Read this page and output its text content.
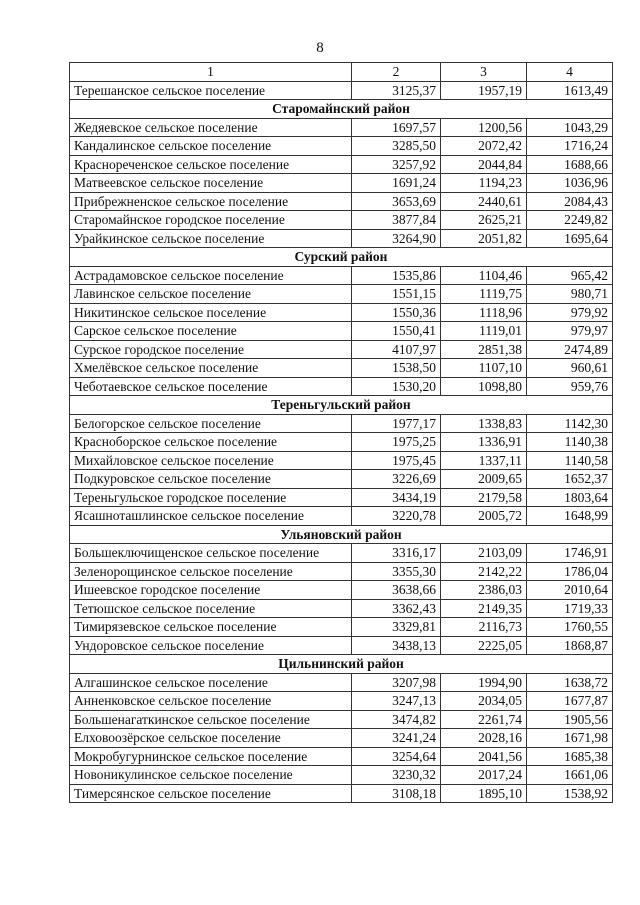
8
1	2	3	4
Терешанское сельское поселение	3125,37	1957,19	1613,49
Старомайнский район			
Жедяевское сельское поселение	1697,57	1200,56	1043,29
Кандалинское сельское поселение	3285,50	2072,42	1716,24
Краснореченское сельское поселение	3257,92	2044,84	1688,66
Матвеевское сельское поселение	1691,24	1194,23	1036,96
Прибрежненское сельское поселение	3653,69	2440,61	2084,43
Старомайнское городское поселение	3877,84	2625,21	2249,82
Урайкинское сельское поселение	3264,90	2051,82	1695,64
Сурский район			
Астрадамовское сельское поселение	1535,86	1104,46	965,42
Лавинское сельское поселение	1551,15	1119,75	980,71
Никитинское сельское поселение	1550,36	1118,96	979,92
Сарское сельское поселение	1550,41	1119,01	979,97
Сурское городское поселение	4107,97	2851,38	2474,89
Хмелёвское сельское поселение	1538,50	1107,10	960,61
Чеботаевское сельское поселение	1530,20	1098,80	959,76
Тереньгульский район			
Белогорское сельское поселение	1977,17	1338,83	1142,30
Красноборское сельское поселение	1975,25	1336,91	1140,38
Михайловское сельское поселение	1975,45	1337,11	1140,58
Подкуровское сельское поселение	3226,69	2009,65	1652,37
Тереньгульское городское поселение	3434,19	2179,58	1803,64
Ясашноташлинское сельское поселение	3220,78	2005,72	1648,99
Ульяновский район			
Большеключищенское сельское поселение	3316,17	2103,09	1746,91
Зеленорощинское сельское поселение	3355,30	2142,22	1786,04
Ишеевское городское поселение	3638,66	2386,03	2010,64
Тетюшское сельское поселение	3362,43	2149,35	1719,33
Тимирязевское сельское поселение	3329,81	2116,73	1760,55
Ундоровское сельское поселение	3438,13	2225,05	1868,87
Цильнинский район			
Алгашинское сельское поселение	3207,98	1994,90	1638,72
Анненковское сельское поселение	3247,13	2034,05	1677,87
Большенагаткинское сельское поселение	3474,82	2261,74	1905,56
Елховоозёрское сельское поселение	3241,24	2028,16	1671,98
Мокробугурнинское сельское поселение	3254,64	2041,56	1685,38
Новоникулинское сельское поселение	3230,32	2017,24	1661,06
Тимерсянское сельское поселение	3108,18	1895,10	1538,92
